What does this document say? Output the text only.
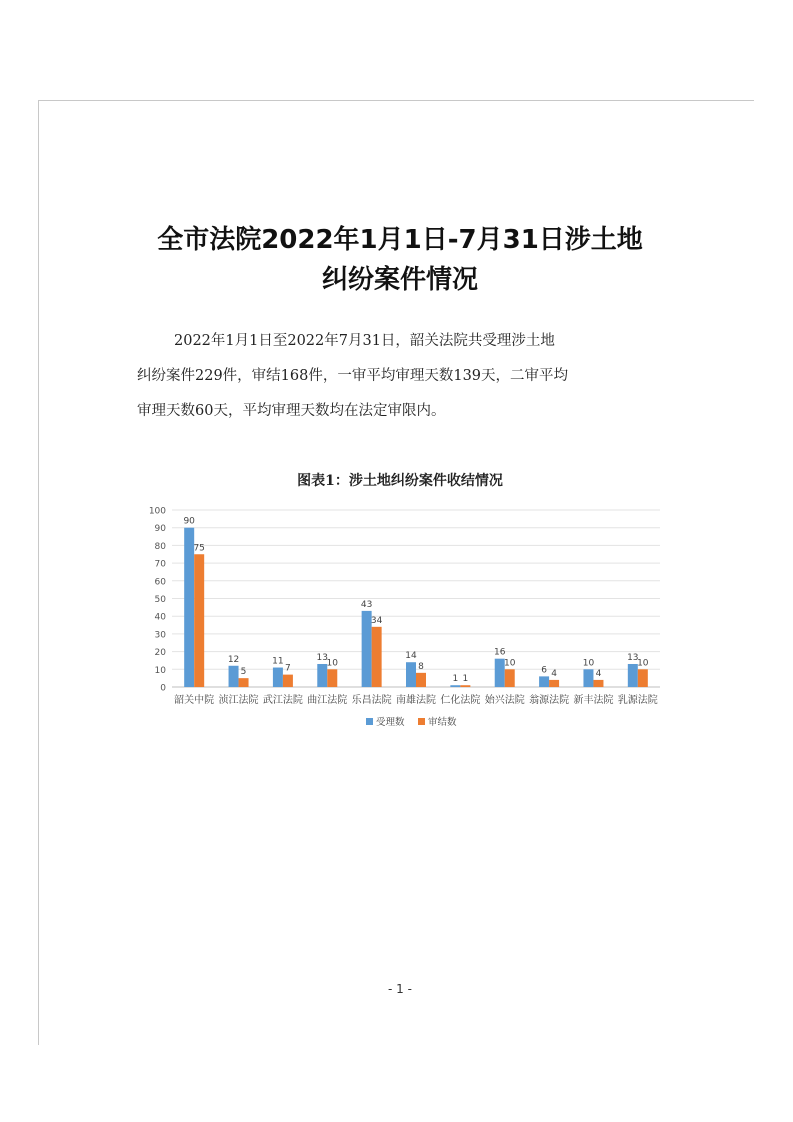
全市法院2022年1月1日-7月31日涉土地
纠纷案件情况
2022年1月1日至2022年7月31日，韶关法院共受理涉土地
纠纷案件229件，审结168件，一审平均审理天数139天，二审平均
审理天数60天，平均审理天数均在法定审限内。
图表1：涉土地纠纷案件收结情况
0
10
20
30
40
50
60
70
80
90
100
90
75
韶关中院
12
5
浈江法院
11
7
武江法院
13
10
曲江法院
43
34
乐昌法院
14
8
南雄法院
1 1
仁化法院
16
10
始兴法院
6 4
翁源法院
10
4
新丰法院
13
10
乳源法院
受理数 审结数
- 1 -
